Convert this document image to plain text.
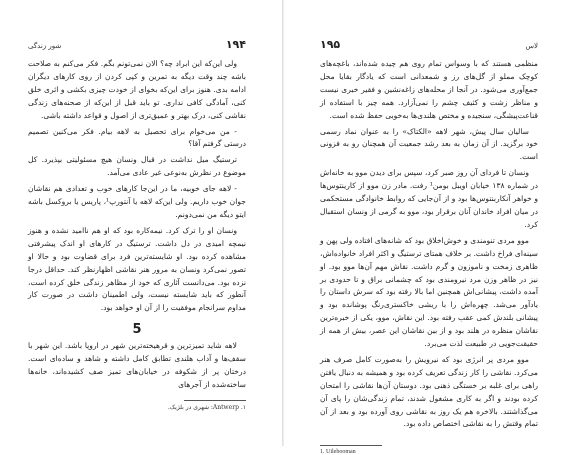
شور زندگی	۱۹۴

ولی این‌که این ابراد چه؟ الان نمی‌تونم بگم. فکر می‌کنم به صلاحت باشه چند وقت دیگه به تمرین و کپی کردن از روی کارهای دیگران ادامه بدی. هنوز برای این‌که بخوای از خودت چیزی بکشی و اثری خلق کنی، آمادگی کافی نداری. تو باید قبل از این‌که از صحنه‌های زندگی نقاشی کنی، درک بهتر و عمیق‌تری از اصول و قواعد داشته باشی.

- من می‌خوام برای تحصیل به لاهه بیام. فکر می‌کنین تصمیم درستی گرفتم آقا؟

ترستیگ میل نداشت در قبال ونسان هیچ مسئولیتی بپذیرد. کل موضوع در نظرش به‌نوعی غیر عادی می‌آمد.

- لاهه جای خوبیه، ما در این‌جا کارهای خوب و تعدادی هم نقاشان جوان خوب داریم. ولی این‌که لاهه یا آنتورپ¹، پاریس یا بروکسل باشه ایتو دیگه من نمی‌دونم.

ونسان او را ترک کرد. نیمه‌کاره بود که او هم ناامید نشده و هنوز نیمچه امیدی در دل داشت. ترستیگ در کارهای او اندک پیشرفتی مشاهده کرده بود. او شایسته‌ترین فرد برای قضاوت بود و حالا او تصور نمی‌کرد ونسان به مرور هنر نقاشی اظهارنظر کند. حداقل درجا نزده بود. می‌دانست آثاری که خود از مظاهر زندگی خلق کرده است، آنطور که باید شایسته نیست، ولی اطمینان داشت در صورت کار مداوم سرانجام موفقیت را از آن او خواهد بود.

5

لاهه شاید تمیزترین و قرهیخته‌ترین شهر در اروپا باشد. این شهر با سقف‌ها و آداب هلندی تطابق کامل داشته و شاهد و ساده‌ای است. درختان پر از شکوفه در خیابان‌های تمیز صف کشیده‌اند، خانه‌ها ساخته‌شده از آجرهای

۱. Antwerp: شهری در بلژیک.
۱۹۵	لاس

منظمی هستند که با وسواس تمام روی هم چیده شده‌اند، باغچه‌های کوچک مملو از گل‌های رز و شمعدانی است که یادگار بقایا محل جمع‌آوری می‌شود. در آنجا از محله‌های زاغه‌نشین و فقیر خبری نیست و مناظر زشت و کثیف چشم را نمی‌آزارد. همه چیز با استفاده از قناعت‌پیشگی، سنجیده و مختص هلندی‌ها به‌خوبی حفظ شده است.

سالیان سال پیش، شهر لاهه «الکتاک» را به عنوان نماد رسمی خود برگزید. از آن زمان به بعد رشد جمعیت آن همچنان رو به فزونی است.

ونسان تا فردای آن روز صبر کرد، سپس برای دیدن موو به خانه‌اش در شماره ۱۳۸ خیابان اویبل بومن¹ رفت. مادر زن موو از کارینتوس‌ها و خواهر آنکاربنتوس‌ها بود و از آن‌جایی که روابط خانوادگی مستحکمی در میان افراد خاندان آنان برقرار بود، موو به گرمی از ونسان استقبال کرد.

موو مردی تنومندی و خوش‌اخلاق بود که شانه‌های افتاده ولی پهن و سینه‌ای فراخ داشت. بر خلاف همتای ترستیگ و اکثر افراد خانواده‌اش، ظاهری زمخت و ناموزون و گرم داشت. نقاش مهم آن‌ها موو بود. او نیز در ظاهر وزن مرد نیرومندی بود که چشمانی براق و تا حدودی بر آمده داشت، پیشانی‌اش همچنین اما بالا رفته بود که سرش داستان را یادآور می‌شد. چهره‌اش را با ریشی خاکستری‌رنگ پوشانده بود و پیشانی بلندش کمی عقب رفته بود. این نقاش، موو، یکی از خبره‌ترین نقاشان منظره در هلند بود و از بین نقاشان این عصر، بیش از همه از حقیقت‌جویی در طبیعت لذت می‌برد.

موو مردی پر انرژی بود که نیرویش را به‌صورت کامل صرف هنر می‌کرد. نقاشی را کار زندگی تعریف کرده بود و همیشه به دنبال یافتن راهی برای غلبه بر خستگی ذهنی بود. دوستان آن‌ها نقاشی را امتحان کرده بودند و اگر به کاری مشغول شدند، تمام زندگی‌شان را پای آن می‌گذاشتند. بالاخره هم یک روز به نقاشی روی آورده بود و بعد از آن تمام وقتش را به نقاشی اختصاص داده بود.

1. Uilebooman
